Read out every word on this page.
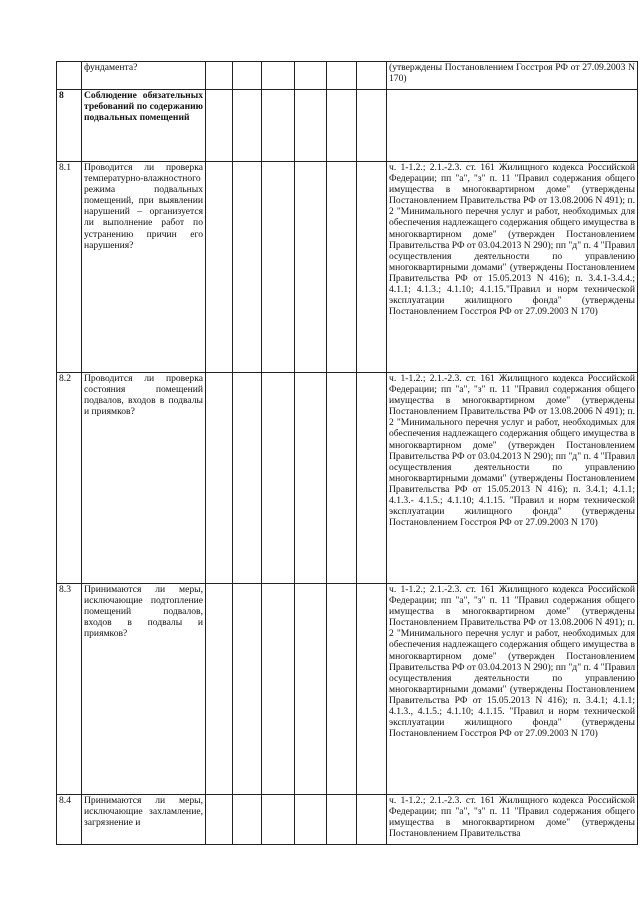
	фундамента?							(утверждены Постановлением Госстроя РФ от 27.09.2003 N 170)
8	Соблюдение обязательных требований по содержанию подвальных помещений							
8.1	Проводится ли проверка температурно-влажностного режима подвальных помещений, при выявлении нарушений – организуется ли выполнение работ по устранению причин его нарушения?							ч. 1-1.2.; 2.1.-2.3. ст. 161 Жилищного кодекса Российской Федерации; пп "а", "з" п. 11 "Правил содержания общего имущества в многоквартирном доме" (утверждены Постановлением Правительства РФ от 13.08.2006 N 491); п. 2 "Минимального перечня услуг и работ, необходимых для обеспечения надлежащего содержания общего имущества в многоквартирном доме" (утвержден Постановлением Правительства РФ от 03.04.2013 N 290); пп "д" п. 4 "Правил осуществления деятельности по управлению многоквартирными домами" (утверждены Постановлением Правительства РФ от 15.05.2013 N 416); п. 3.4.1-3.4.4.; 4.1.1; 4.1.3.; 4.1.10; 4.1.15."Правил и норм технической эксплуатации жилищного фонда" (утверждены Постановлением Госстроя РФ от 27.09.2003 N 170)
8.2	Проводится ли проверка состояния помещений подвалов, входов в подвалы и приямков?							ч. 1-1.2.; 2.1.-2.3. ст. 161 Жилищного кодекса Российской Федерации; пп "а", "з" п. 11 "Правил содержания общего имущества в многоквартирном доме" (утверждены Постановлением Правительства РФ от 13.08.2006 N 491); п. 2 "Минимального перечня услуг и работ, необходимых для обеспечения надлежащего содержания общего имущества в многоквартирном доме" (утвержден Постановлением Правительства РФ от 03.04.2013 N 290); пп "д" п. 4 "Правил осуществления деятельности по управлению многоквартирными домами" (утверждены Постановлением Правительства РФ от 15.05.2013 N 416); п. 3.4.1; 4.1.1; 4.1.3.- 4.1.5.; 4.1.10; 4.1.15. "Правил и норм технической эксплуатации жилищного фонда" (утверждены Постановлением Госстроя РФ от 27.09.2003 N 170)
8.3	Принимаются ли меры, исключающие подтопление помещений подвалов, входов в подвалы и приямков?							ч. 1-1.2.; 2.1.-2.3. ст. 161 Жилищного кодекса Российской Федерации; пп "а", "з" п. 11 "Правил содержания общего имущества в многоквартирном доме" (утверждены Постановлением Правительства РФ от 13.08.2006 N 491); п. 2 "Минимального перечня услуг и работ, необходимых для обеспечения надлежащего содержания общего имущества в многоквартирном доме" (утвержден Постановлением Правительства РФ от 03.04.2013 N 290); пп "д" п. 4 "Правил осуществления деятельности по управлению многоквартирными домами" (утверждены Постановлением Правительства РФ от 15.05.2013 N 416); п. 3.4.1; 4.1.1; 4.1.3., 4.1.5.; 4.1.10; 4.1.15. "Правил и норм технической эксплуатации жилищного фонда" (утверждены Постановлением Госстроя РФ от 27.09.2003 N 170)
8.4	Принимаются ли меры, исключающие захламление, загрязнение и							ч. 1-1.2.; 2.1.-2.3. ст. 161 Жилищного кодекса Российской Федерации; пп "а", "з" п. 11 "Правил содержания общего имущества в многоквартирном доме" (утверждены Постановлением Правительства
